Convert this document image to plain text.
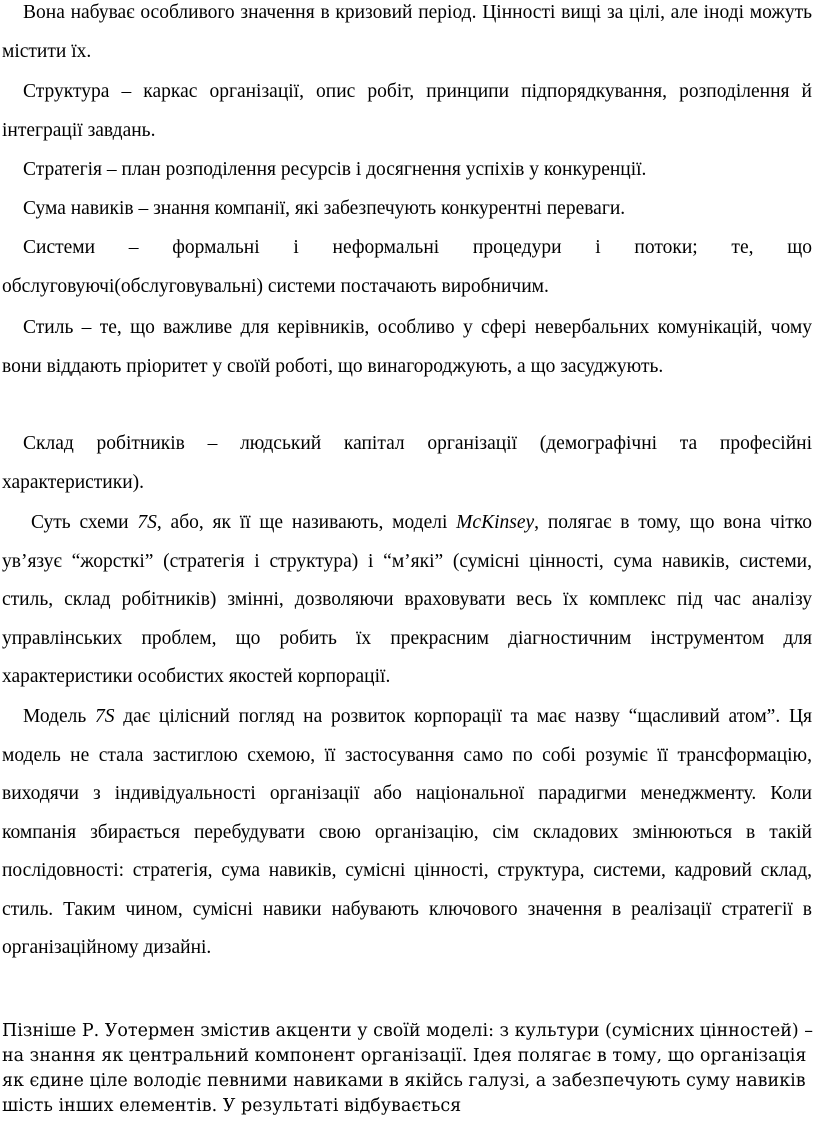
Вона набуває особливого значення в кризовий період. Цінності вищі за цілі, але іноді можуть містити їх.

Структура – каркас організації, опис робіт, принципи підпорядкування, розподілення й інтеграції завдань.

Стратегія – план розподілення ресурсів і досягнення успіхів у конкуренції.

Сума навиків – знання компанії, які забезпечують конкурентні переваги.

Системи – формальні і неформальні процедури і потоки; те, що обслуговуючі(обслуговувальні) системи постачають виробничим.

Стиль – те, що важливе для керівників, особливо у сфері невербальних комунікацій, чому вони віддають пріоритет у своїй роботі, що винагороджують, а що засуджують.

Склад робітників – людський капітал організації (демографічні та професійні характеристики).

Суть схеми 7S, або, як її ще називають, моделі McKinsey, полягає в тому, що вона чітко ув’язує “жорсткі” (стратегія і структура) і “м’які” (сумісні цінності, сума навиків, системи, стиль, склад робітників) змінні, дозволяючи враховувати весь їх комплекс під час аналізу управлінських проблем, що робить їх прекрасним діагностичним інструментом для характеристики особистих якостей корпорації.

Модель 7S дає цілісний погляд на розвиток корпорації та має назву “щасливий атом”. Ця модель не стала застиглою схемою, її застосування само по собі розуміє її трансформацію, виходячи з індивідуальності організації або національної парадигми менеджменту. Коли компанія збирається перебудувати свою організацію, сім складових змінюються в такій послідовності: стратегія, сума навиків, сумісні цінності, структура, системи, кадровий склад, стиль. Таким чином, сумісні навики набувають ключового значення в реалізації стратегії в організаційному дизайні.

Пізніше Р. Уотермен змістив акценти у своїй моделі: з культури (сумісних цінностей) – на знання як центральний компонент організації. Ідея полягає в тому, що організація як єдине ціле володіє певними навиками в якійсь галузі, а забезпечують суму навиків шість інших елементів. У результаті відбувається
